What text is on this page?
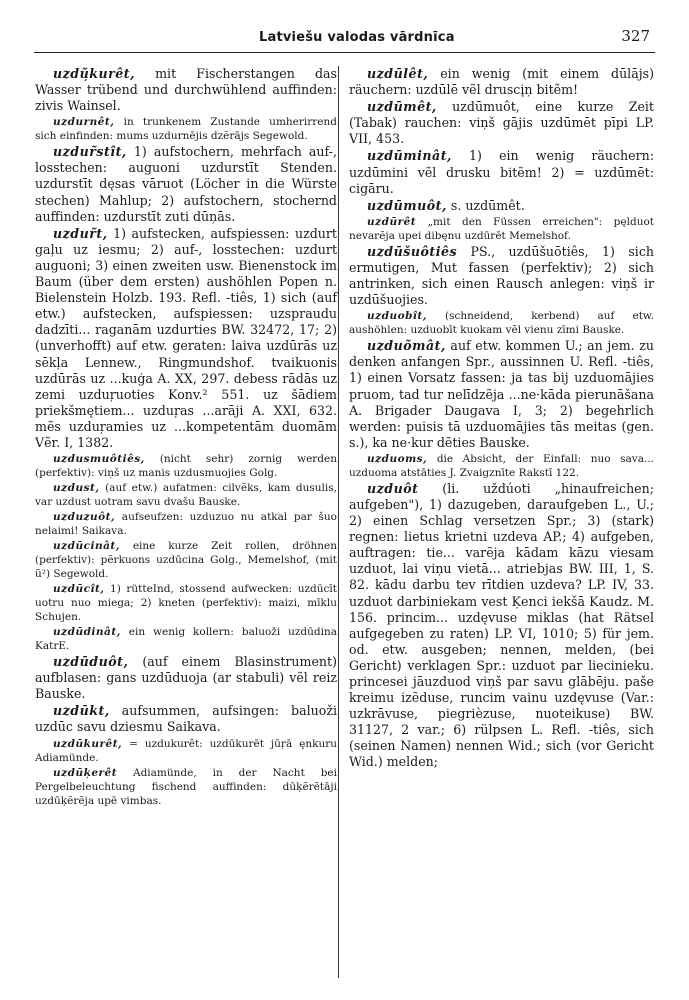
Latviešu valodas vārdnīca	327

uzdũ̦kurêt, mit Fischerstangen das Wasser trübend und durchwühlend auffinden: zivis Wainsel.

uzdurnêt, in trunkenem Zustande umherirrend sich einfinden: mums uzdurnējis dzẽrājs Segewold.

uzdur̃stît, 1) aufstochern, mehrfach auf-, losstechen: auguoni uzdurstīt Stenden. uzdurstīt dęsas vāruot (Löcher in die Würste stechen) Mahlup; 2) aufstochern, stochernd auffinden: uzdurstīt zuti dūņās.

uzdur̃t, 1) aufstecken, aufspiessen: uzdurt gaļu uz iesmu; 2) auf-, losstechen: uzdurt auguoni; 3) einen zweiten usw. Bienenstock im Baum (über dem ersten) aushöhlen Popen n. Bielenstein Holzb. 193. Refl. -tiês, 1) sich (auf etw.) aufstecken, aufspiessen: uzspraudu dadzīti... raganām uzdurties BW. 32472, 17; 2) (unverhofft) auf etw. geraten: laiva uzdūrās uz sēkļa Lennew., Ringmundshof. tvaikuonis uzdūrās uz ...kuģa A. XX, 297. debess rādās uz zemi uzduŗuoties Konv.² 551. uz šādiem priekšmętiem... uzduŗas ...arāji A. XXI, 632. mẽs uzduŗamies uz ...kompetentām duomām Vẽr. I, 1382.

uzdusmuôtiês, (nicht sehr) zornig werden (perfektiv): viņš uz manis uzdusmuojies Golg.

uzdust, (auf etw.) aufatmen: cilvẽks, kam dusulis, var uzdust uotram savu dvašu Bauske.

uzduzuôt, aufseufzen: uzduzuo nu atkal par šuo nelaimi! Saikava.

uzdūcinât, eine kurze Zeit rollen, dröhnen (perfektiv): pẽrkuons uzdūcina Golg., Memelshof, (mit ũ²) Segewold.

uzdūcît, 1) rütteInd, stossend aufwecken: uzdūcīt uotru nuo miega; 2) kneten (perfektiv): maizi, mīklu Schujen.

uzdūdinât, ein wenig kollern: baluoži uzdūdina KatrE.

uzdūduôt, (auf einem Blasinstrument) aufblasen: gans uzdūduoja (ar stabuli) vẽl reiz Bauske.

uzdūkt, aufsummen, aufsingen: baluoži uzdūc savu dziesmu Saikava.

uzdūkurêt, = uzdukurêt: uzdūkurēt jūŗā ęnkuru Adiamünde.

uzdūķerêt Adiamünde, in der Nacht bei Pergelbeleuchtung fischend auffinden: dūķẽrẽtāji uzdūķẽrẽja upē vimbas.

uzdūlêt, ein wenig (mit einem dūlājs) räuchern: uzdūlē vẽl druscįņ bitẽm!

uzdūmêt, uzdūmuôt, eine kurze Zeit (Tabak) rauchen: viņš gājis uzdūmēt pīpi LP. VII, 453.

uzdūminât, 1) ein wenig räuchern: uzdūmini vẽl drusku bitẽm! 2) = uzdūmēt: cigāru.

uzdūmuôt, s. uzdūmêt.

uzdūrêt „mit den Füssen erreichen": pęlduot nevarẽja upei dibęnu uzdūrēt Memelshof.

uzdūšuôtiês PS., uzdūšuōtiês, 1) sich ermutigen, Mut fassen (perfektiv); 2) sich antrinken, sich einen Rausch anlegen: viņš ir uzdūšuojies.

uzduobît, (schneidend, kerbend) auf etw. aushöhlen: uzduobīt kuokam vẽl vienu zīmi Bauske.

uzduõmât, auf etw. kommen U.; an jem. zu denken anfangen Spr., aussinnen U. Refl. -tiês, 1) einen Vorsatz fassen: ja tas bij uzduomājies pruom, tad tur nelīdzẽja ...ne·kāda pierunāšana A. Brigader Daugava I, 3; 2) begehrlich werden: puisis tā uzduomājies tās meitas (gen. s.), ka ne·kur dẽties Bauske.

uzduoms, die Absicht, der Einfall: nuo sava... uzduoma atstāties J. Zvaigznīte Rakstī 122.

uzduôt (li. uždúoti „hinaufreichen; aufgeben"), 1) dazugeben, daraufgeben L., U.; 2) einen Schlag versetzen Spr.; 3) (stark) regnen: lietus krietni uzdeva AP.; 4) aufgeben, auftragen: tie... varẽja kādam kāzu viesam uzduot, lai viņu vietā... atriebjas BW. III, 1, S. 82. kādu darbu tev rītdien uzdeva? LP. IV, 33. uzduot darbiniekam vest Ķenci iekšā Kaudz. M. 156. princim... uzdęvuse miklas (hat Rätsel aufgegeben zu raten) LP. VI, 1010; 5) für jem. od. etw. ausgeben; nennen, melden, (bei Gericht) verklagen Spr.: uzduot par liecinieku. princesei jāuzduod viņš par savu glābēju. paše kreimu izẽduse, runcim vainu uzdęvuse (Var.: uzkrāvuse, piegrièzuse, nuoteikuse) BW. 31127, 2 var.; 6) rülpsen L. Refl. -tiês, sich (seinen Namen) nennen Wid.; sich (vor Gericht Wid.) melden;
